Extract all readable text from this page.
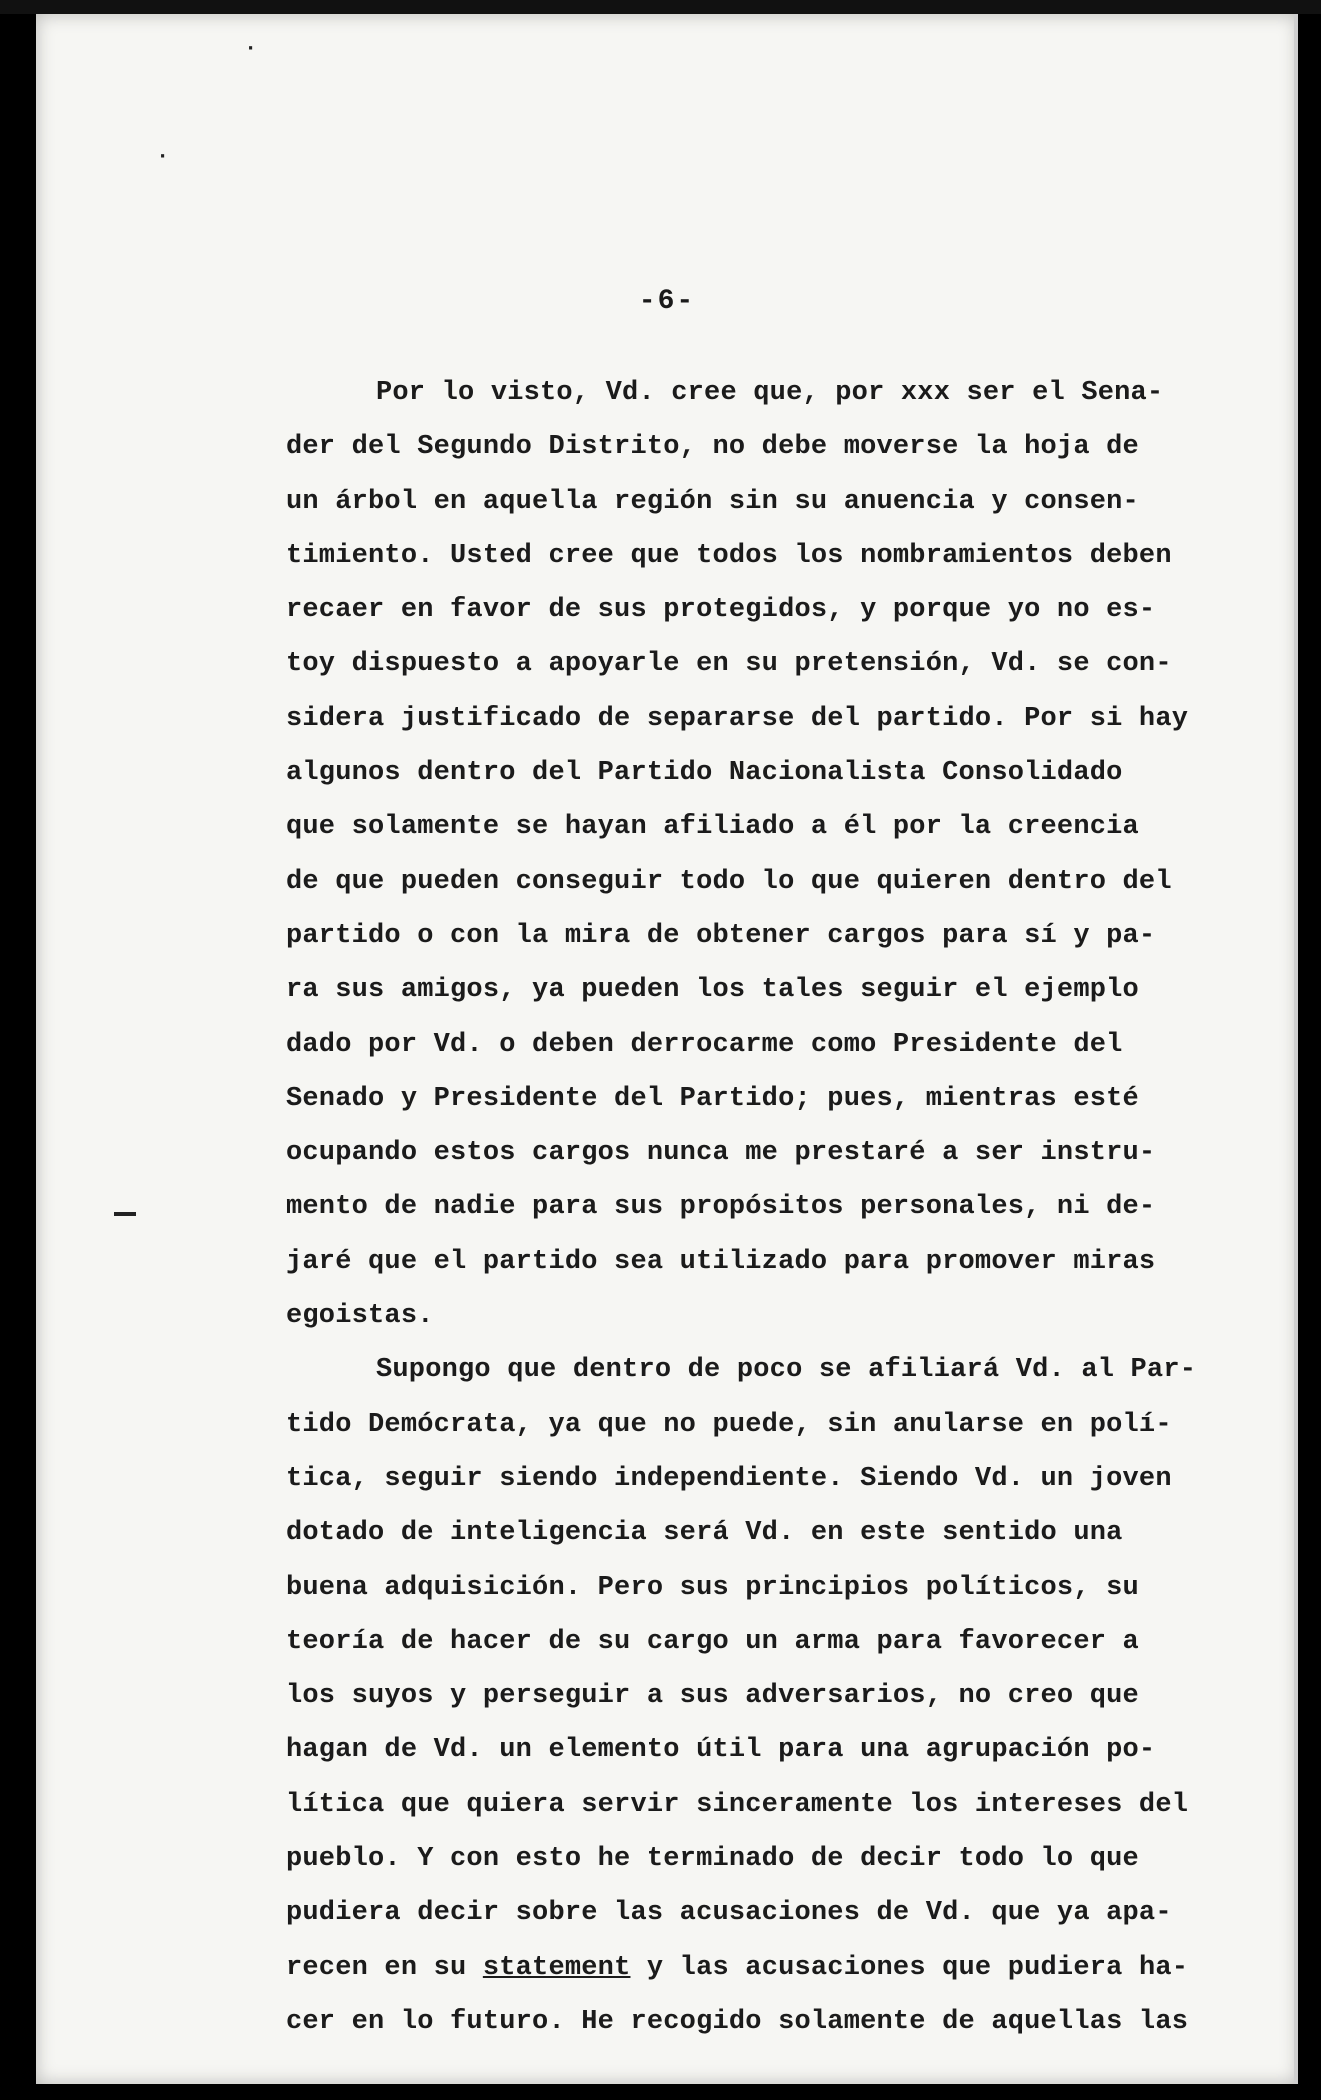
·
·
-6-
Por lo visto, Vd. cree que, por xxx ser el Sena-
der del Segundo Distrito, no debe moverse la hoja de
un árbol en aquella región sin su anuencia y consen-
timiento. Usted cree que todos los nombramientos deben
recaer en favor de sus protegidos, y porque yo no es-
toy dispuesto a apoyarle en su pretensión, Vd. se con-
sidera justificado de separarse del partido. Por si hay
algunos dentro del Partido Nacionalista Consolidado
que solamente se hayan afiliado a él por la creencia
de que pueden conseguir todo lo que quieren dentro del
partido o con la mira de obtener cargos para sí y pa-
ra sus amigos, ya pueden los tales seguir el ejemplo
dado por Vd. o deben derrocarme como Presidente del
Senado y Presidente del Partido; pues, mientras esté
ocupando estos cargos nunca me prestaré a ser instru-
mento de nadie para sus propósitos personales, ni de-
jaré que el partido sea utilizado para promover miras
egoistas.
Supongo que dentro de poco se afiliará Vd. al Par-
tido Demócrata, ya que no puede, sin anularse en polí-
tica, seguir siendo independiente. Siendo Vd. un joven
dotado de inteligencia será Vd. en este sentido una
buena adquisición. Pero sus principios políticos, su
teoría de hacer de su cargo un arma para favorecer a
los suyos y perseguir a sus adversarios, no creo que
hagan de Vd. un elemento útil para una agrupación po-
lítica que quiera servir sinceramente los intereses del
pueblo. Y con esto he terminado de decir todo lo que
pudiera decir sobre las acusaciones de Vd. que ya apa-
recen en su statement y las acusaciones que pudiera ha-
cer en lo futuro. He recogido solamente de aquellas las
